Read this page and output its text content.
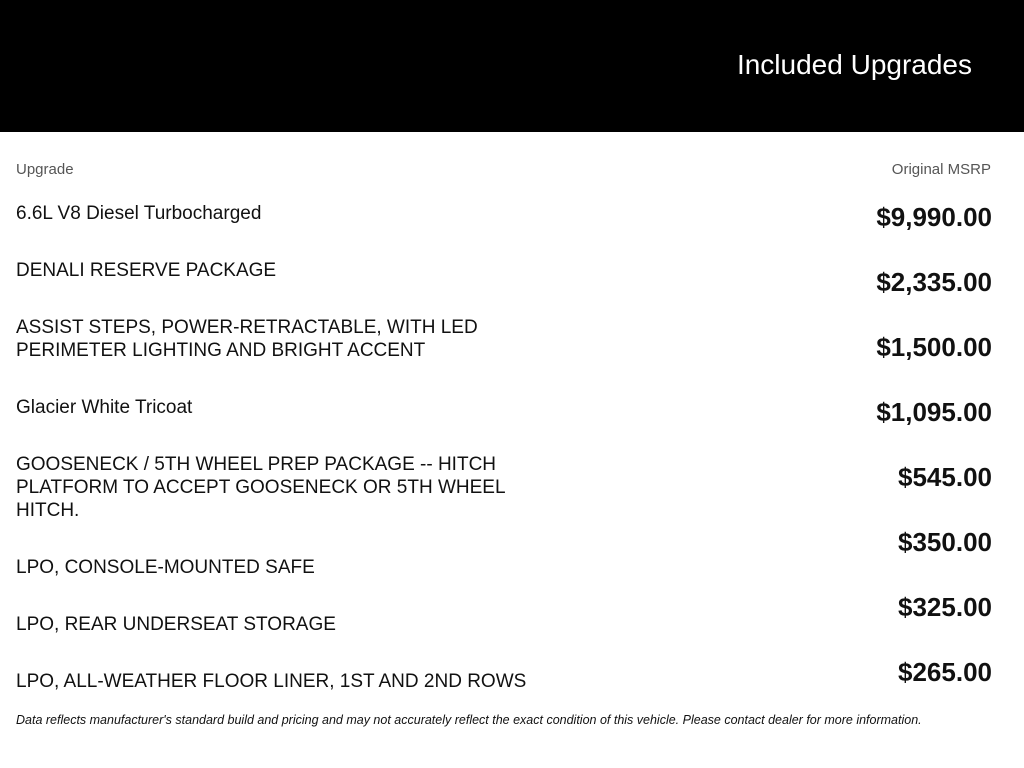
Included Upgrades
Upgrade	Original MSRP
6.6L V8 Diesel Turbocharged
DENALI RESERVE PACKAGE
ASSIST STEPS, POWER-RETRACTABLE, WITH LED PERIMETER LIGHTING AND BRIGHT ACCENT
Glacier White Tricoat
GOOSENECK / 5TH WHEEL PREP PACKAGE -- HITCH PLATFORM TO ACCEPT GOOSENECK OR 5TH WHEEL HITCH.
LPO, CONSOLE-MOUNTED SAFE
LPO, REAR UNDERSEAT STORAGE
LPO, ALL-WEATHER FLOOR LINER, 1ST AND 2ND ROWS
$9,990.00
$2,335.00
$1,500.00
$1,095.00
$545.00
$350.00
$325.00
$265.00
Data reflects manufacturer's standard build and pricing and may not accurately reflect the exact condition of this vehicle. Please contact dealer for more information.
